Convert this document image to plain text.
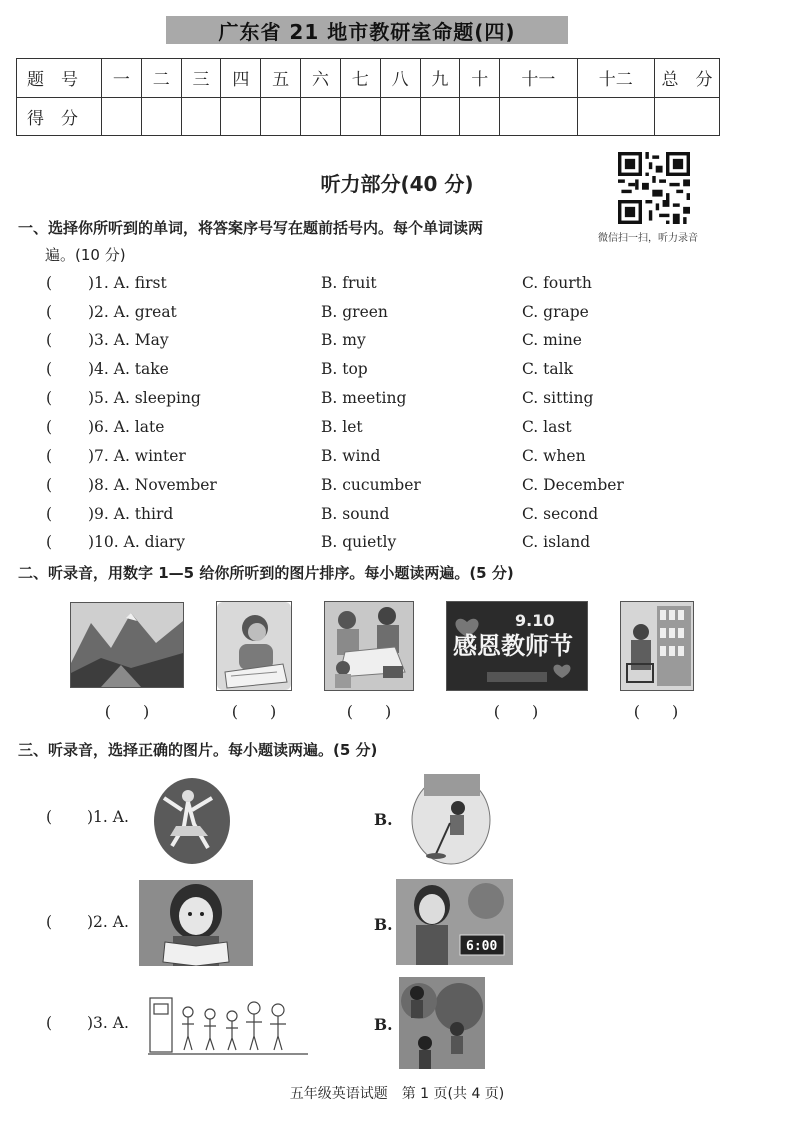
广东省 21 地市教研室命题(四)
题　号	一	二	三	四	五	六	七	八	九	十	十一	十二	总　分
得　分													
听力部分(40 分)
微信扫一扫，听力录音
一、选择你所听到的单词，将答案序号写在题前括号内。每个单词读两
遍。(10 分)
( )1. A. first	B. fruit	C. fourth
( )2. A. great	B. green	C. grape
( )3. A. May	B. my	C. mine
( )4. A. take	B. top	C. talk
( )5. A. sleeping	B. meeting	C. sitting
( )6. A. late	B. let	C. last
( )7. A. winter	B. wind	C. when
( )8. A. November	B. cucumber	C. December
( )9. A. third	B. sound	C. second
( )10. A. diary	B. quietly	C. island
二、听录音，用数字 1—5 给你所听到的图片排序。每小题读两遍。(5 分)
9.10
感恩教师节
(　　)	(　　)	(　　)	(　　)	(　　)
三、听录音，选择正确的图片。每小题读两遍。(5 分)
( )1. A.	B.
( )2. A.	B.
6:00
( )3. A.	B.
五年级英语试题　第 1 页(共 4 页)
